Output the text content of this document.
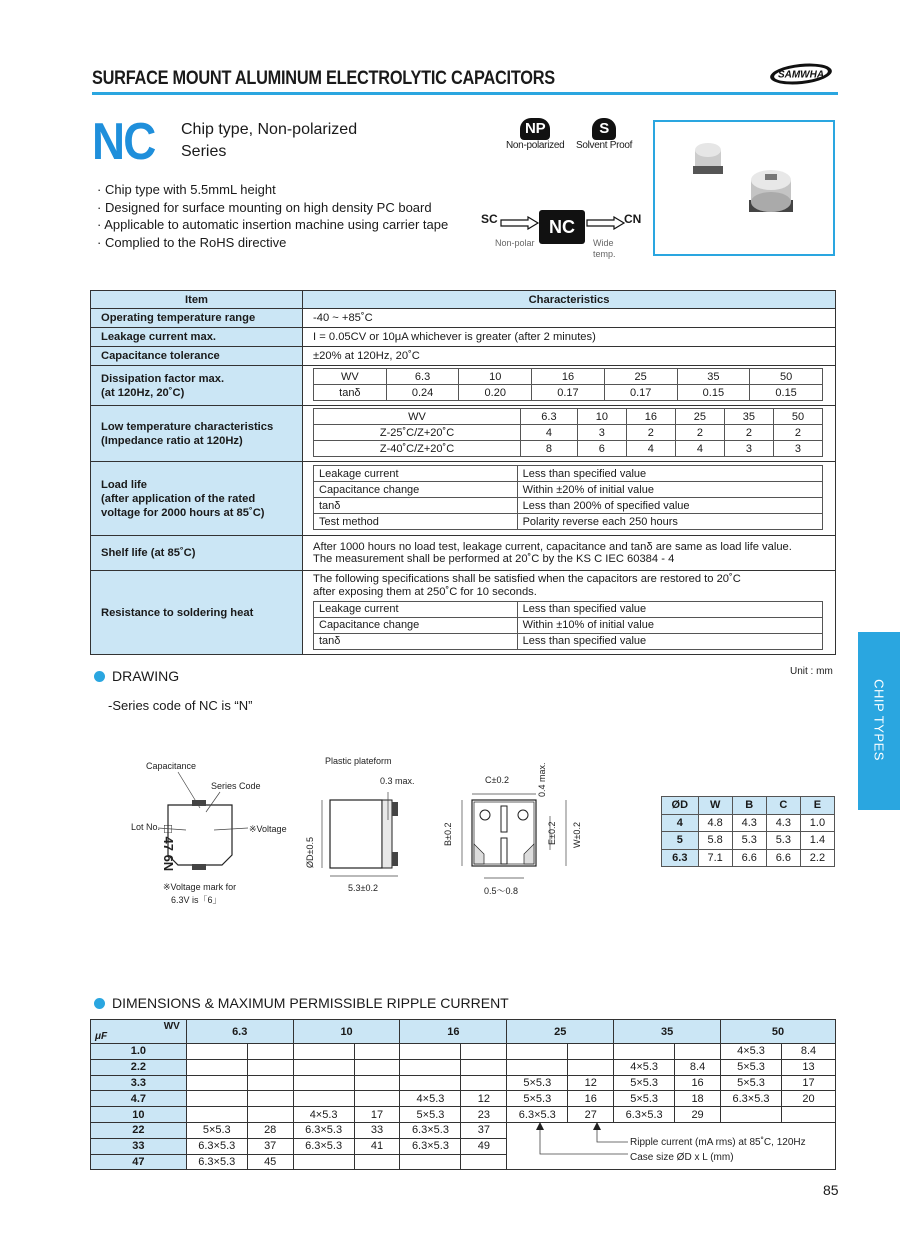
SURFACE MOUNT ALUMINUM ELECTROLYTIC CAPACITORS	SAMWHA
NC Chip type, Non-polarized
Series
NP
Non-polarized
S
Solvent Proof
· Chip type with 5.5mmL height
· Designed for surface mounting on high density PC board
· Applicable to automatic insertion machine using carrier tape
· Complied to the RoHS directive
SC	NC	CN
Non-polar	Wide
temp.
Item	Characteristics
Operating temperature range	-40 ~ +85˚C
Leakage current max.	I = 0.05CV or 10μA whichever is greater (after 2 minutes)
Capacitance tolerance	±20% at 120Hz, 20˚C

Dissipation factor max.
(at 120Hz, 20˚C)

WV	6.3	10	16	25	35	50
tanδ	0.24	0.20	0.17	0.17	0.15	0.15

Low temperature characteristics
(Impedance ratio at 120Hz)

WV	6.3	10	16	25	35	50
Z-25˚C/Z+20˚C	4	3	2	2	2	2
Z-40˚C/Z+20˚C	8	6	4	4	3	3

Load life
(after application of the rated
voltage for 2000 hours at 85˚C)

Leakage current	Less than specified value
Capacitance change	Within ±20% of initial value
tanδ	Less than 200% of specified value
Test method	Polarity reverse each 250 hours

Shelf life (at 85˚C)	
After 1000 hours no load test, leakage current, capacitance and tanδ are same as load life value.
The measurement shall be performed at 20˚C by the KS C IEC 60384 - 4

Resistance to soldering heat	
The following specifications shall be satisfied when the capacitors are restored to 20˚C
after exposing them at 250˚C for 10 seconds.
Leakage current	Less than specified value
Capacitance change	Within ±10% of initial value
tanδ	Less than specified value
DRAWING	Unit : mm
-Series code of NC is “N”	CHIP TYPES
□ 47 6N
Capacitance
Series Code
Lot No.	※Voltage
※Voltage mark for
6.3V is「6」
Plastic plateform
0.3 max.
ØD±0.5
5.3±0.2
C±0.2	0.4 max.
B±0.2	E±0.2 W±0.2
0.5～0.8
ØD	W	B	C	E
4	4.8	4.3	4.3	1.0
5	5.8	5.3	5.3	1.4
6.3	7.1	6.6	6.6	2.2
DIMENSIONS & MAXIMUM PERMISSIBLE RIPPLE CURRENT
WV
μF	6.3		10		16		25		35		50	
1.0											4×5.3	8.4
2.2									4×5.3	8.4	5×5.3	13
3.3							5×5.3	12	5×5.3	16	5×5.3	17
4.7					4×5.3	12	5×5.3	16	5×5.3	18	6.3×5.3	20
10			4×5.3	17	5×5.3	23	6.3×5.3	27	6.3×5.3	29		
22	5×5.3	28	6.3×5.3	33	6.3×5.3	37						
33	6.3×5.3	37	6.3×5.3	41	6.3×5.3	49						
47	6.3×5.3	45										
Ripple current (mA rms) at 85˚C, 120Hz
Case size ØD x L (mm)
85
